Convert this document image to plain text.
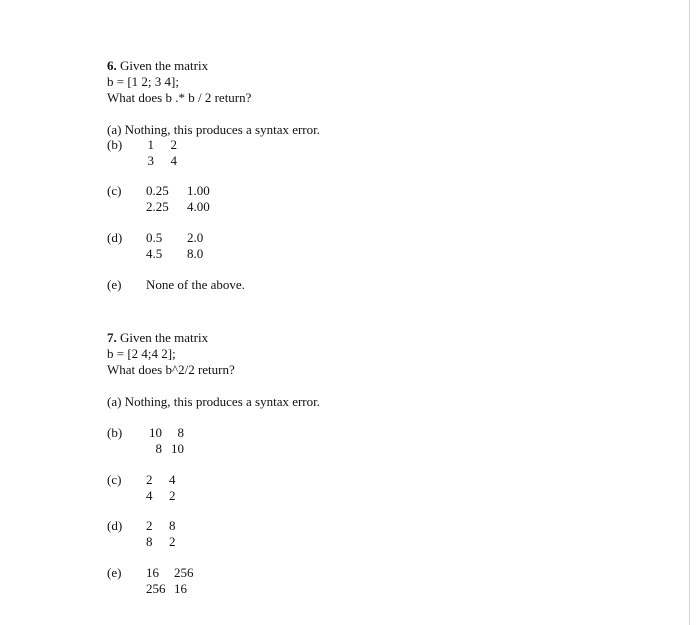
6. Given the matrix
b = [1 2; 3 4];
What does b .* b / 2 return?
(a) Nothing, this produces a syntax error.
(b)	1	2
3	4
(c) 0.25 1.00
2.25 4.00
(d) 0.5 2.0
4.5 8.0
(e) None of the above.
7. Given the matrix
b = [2 4;4 2];
What does b^2/2 return?
(a) Nothing, this produces a syntax error.
(b)	10	8
8 10
(c) 2 4
4 2
(d) 2 8
8 2
(e) 16 256
256 16
